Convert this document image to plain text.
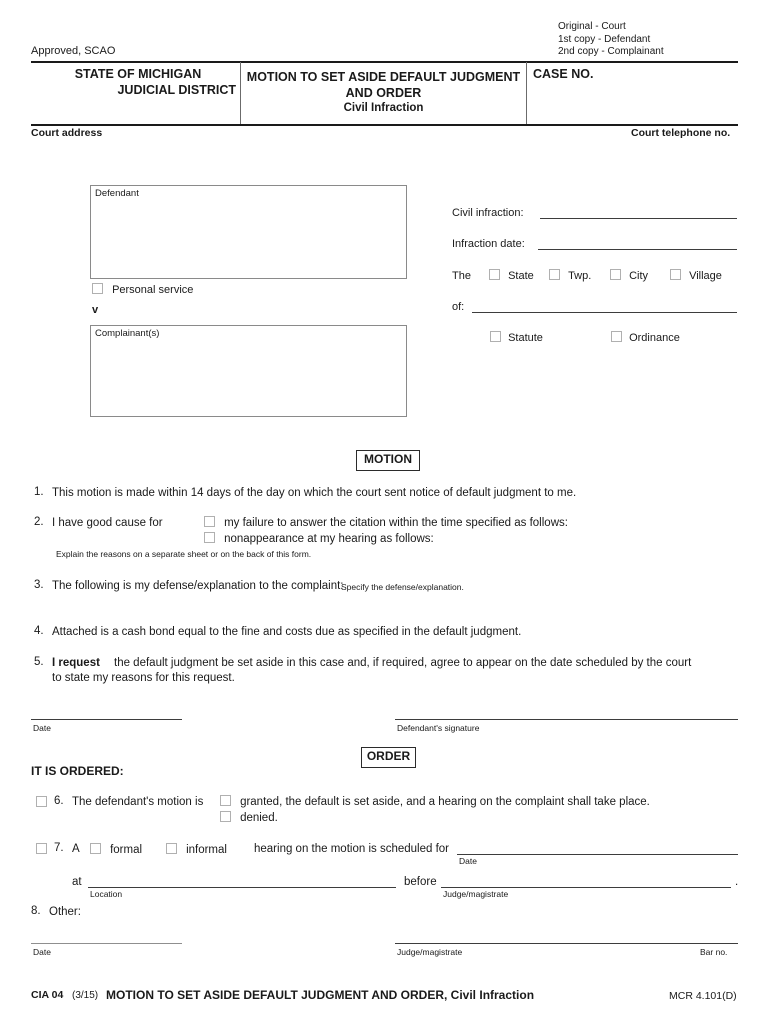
Approved, SCAO
Original - Court
1st copy - Defendant
2nd copy - Complainant
STATE OF MICHIGAN
JUDICIAL DISTRICT
MOTION TO SET ASIDE DEFAULT JUDGMENT
AND ORDER
Civil Infraction
CASE NO.
Court address	Court telephone no.
Defendant
Personal service
v
Complainant(s)
Civil infraction:
Infraction date:
The	State	Twp.	City	Village
of:
Statute	Ordinance
MOTION
1. This motion is made within 14 days of the day on which the court sent notice of default judgment to me.
2. I have good cause for	my failure to answer the citation within the time specified as follows:
nonappearance at my hearing as follows:
Explain the reasons on a separate sheet or on the back of this form.
3. The following is my defense/explanation to the complaint:
Specify the defense/explanation.
4. Attached is a cash bond equal to the fine and costs due as specified in the default judgment.
5. I request the default judgment be set aside in this case and, if required, agree to appear on the date scheduled by the court
to state my reasons for this request.
Date	Defendant's signature
ORDER
IT IS ORDERED:
6. The defendant's motion is	granted, the default is set aside, and a hearing on the complaint shall take place.
denied.
7. A	formal	informal hearing on the motion is scheduled for
Date
at
Location
before
Judge/magistrate
.
8. Other:
Date	Judge/magistrate	Bar no.
CIA 04 (3/15) MOTION TO SET ASIDE DEFAULT JUDGMENT AND ORDER, Civil Infraction	MCR 4.101(D)
